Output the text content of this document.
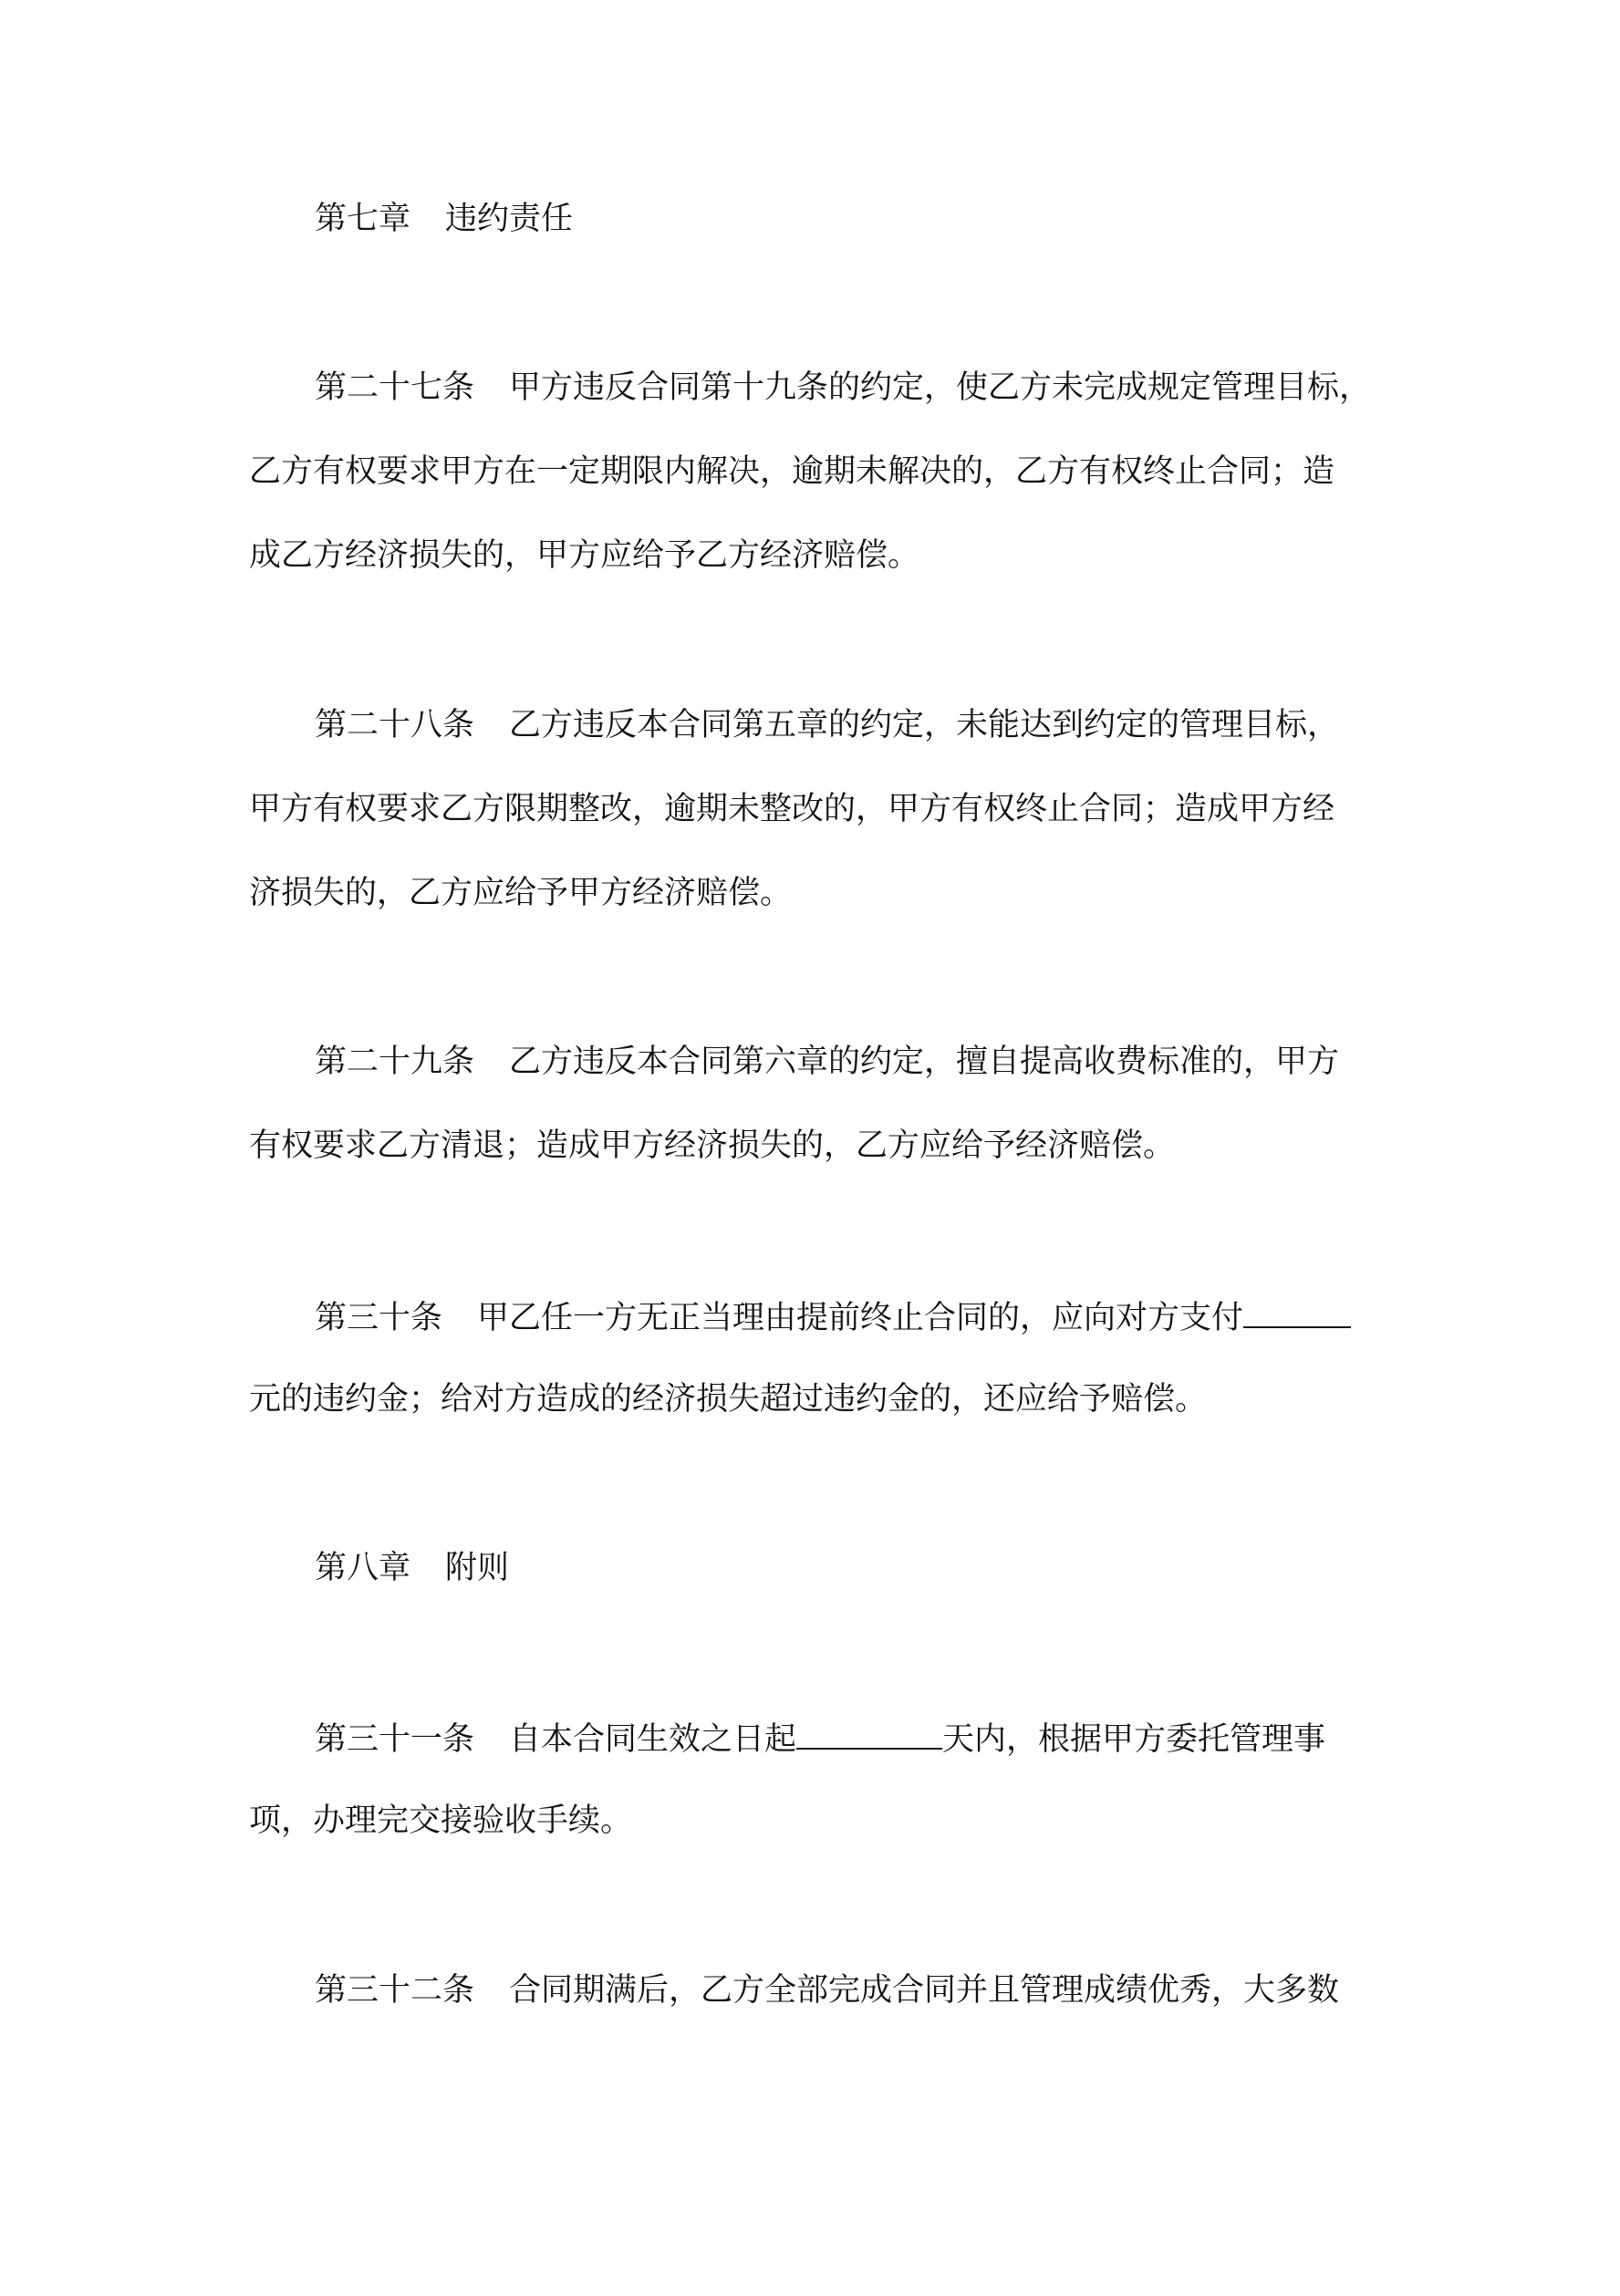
第七章 违约责任
第二十七条 甲方违反合同第十九条的约定，使乙方未完成规定管理目标，
乙方有权要求甲方在一定期限内解决，逾期未解决的，乙方有权终止合同；造
成乙方经济损失的，甲方应给予乙方经济赔偿。
第二十八条 乙方违反本合同第五章的约定，未能达到约定的管理目标，
甲方有权要求乙方限期整改，逾期未整改的，甲方有权终止合同；造成甲方经
济损失的，乙方应给予甲方经济赔偿。
第二十九条 乙方违反本合同第六章的约定，擅自提高收费标准的，甲方
有权要求乙方清退；造成甲方经济损失的，乙方应给予经济赔偿。
第三十条 甲乙任一方无正当理由提前终止合同的，应向对方支付
元的违约金；给对方造成的经济损失超过违约金的，还应给予赔偿。
第八章 附则
第三十一条 自本合同生效之日起	天内，根据甲方委托管理事
项，办理完交接验收手续。
第三十二条 合同期满后，乙方全部完成合同并且管理成绩优秀，大多数
